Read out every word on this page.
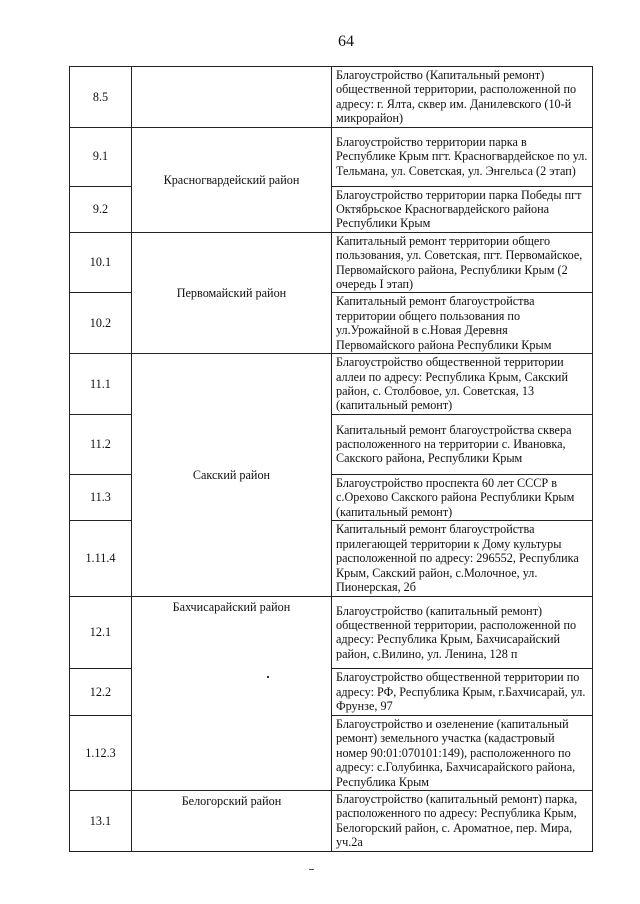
64
8.5		Благоустройство (Капитальный ремонт) общественной территории, расположенной по адресу: г. Ялта, сквер им. Данилевского (10-й микрорайон)
9.1	Красногвардейский район	Благоустройство территории парка в Республике Крым пгт. Красногвардейское по ул. Тельмана, ул. Советская, ул. Энгельса (2 этап)
9.2		Благоустройство территории парка Победы пгт Октябрьское Красногвардейского района Республики Крым
10.1	Первомайский район	Капитальный ремонт территории общего пользования, ул. Советская, пгт. Первомайское, Первомайского района, Республики Крым (2 очередь I этап)
10.2		Капитальный ремонт благоустройства территории общего пользования по ул.Урожайной в с.Новая Деревня Первомайского района Республики Крым
11.1	Сакский район	Благоустройство общественной территории аллеи по адресу: Республика Крым, Сакский район, с. Столбовое, ул. Советская, 13 (капитальный ремонт)
11.2		Капитальный ремонт благоустройства сквера расположенного на территории с. Ивановка, Сакского района, Республики Крым
11.3		Благоустройство проспекта 60 лет СССР в с.Орехово Сакского района Республики Крым (капитальный ремонт)
1.11.4		Капитальный ремонт благоустройства прилегающей территории к Дому культуры расположенной по адресу: 296552, Республика Крым, Сакский район, с.Молочное, ул. Пионерская, 2б
12.1	Бахчисарайский район	Благоустройство (капитальный ремонт) общественной территории, расположенной по адресу: Республика Крым, Бахчисарайский район, с.Вилино, ул. Ленина, 128 п
12.2		Благоустройство общественной территории по адресу: РФ, Республика Крым, г.Бахчисарай, ул. Фрунзе, 97
1.12.3		Благоустройство и озеленение (капитальный ремонт) земельного участка (кадастровый номер 90:01:070101:149), расположенного по адресу: с.Голубинка, Бахчисарайского района, Республика Крым
13.1	Белогорский район	Благоустройство (капитальный ремонт) парка, расположенного по адресу: Республика Крым, Белогорский район, с. Ароматное, пер. Мира, уч.2а
